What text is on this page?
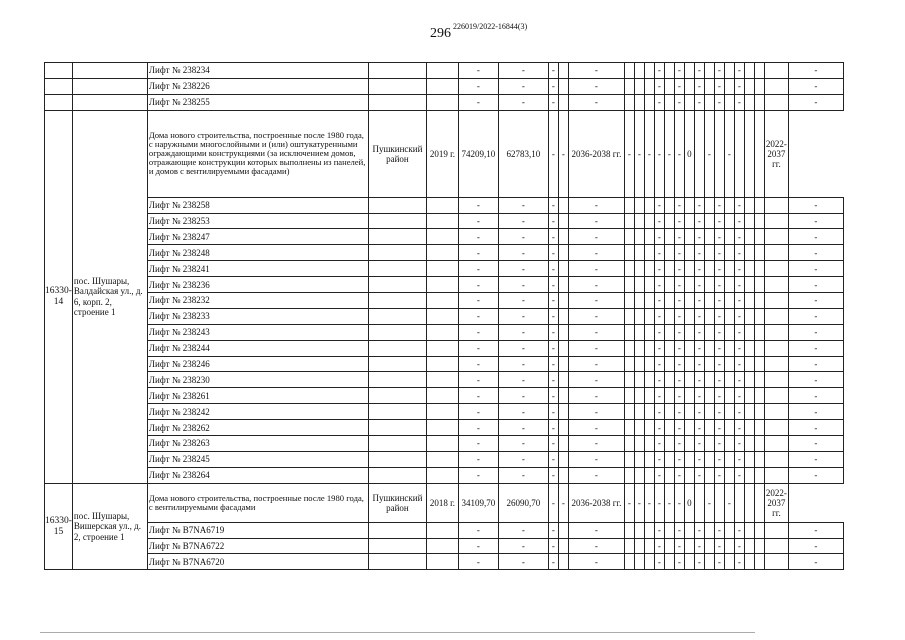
296 226019/2022-16844(3)
		Лифт № 238234			-	-	-		-				-		-		-		-		-				-
		Лифт № 238226			-	-	-		-				-		-		-		-		-				-
		Лифт № 238255			-	-	-		-				-		-		-		-		-				-
16330-14	пос. Шушары, Валдайская ул., д. 6, корп. 2, строение 1	Дома нового строительства, построенные после 1980 года, с наружными многослойными и (или) оштукатуренными ограждающими конструкциями (за исключением домов, отражающие конструкции которых выполнены из панелей, и домов с вентилируемыми фасадами)	Пушкинский район	2019 г.	74209,10	62783,10	-	-	2036-2038 гг.	-	-	-	-	-	-	0		-		-				2022-2037 гг.	
		Лифт № 238258			-	-	-		-				-		-		-		-		-				-
		Лифт № 238253			-	-	-		-				-		-		-		-		-				-
		Лифт № 238247			-	-	-		-				-		-		-		-		-				-
		Лифт № 238248			-	-	-		-				-		-		-		-		-				-
		Лифт № 238241			-	-	-		-				-		-		-		-		-				-
		Лифт № 238236			-	-	-		-				-		-		-		-		-				-
		Лифт № 238232			-	-	-		-				-		-		-		-		-				-
		Лифт № 238233			-	-	-		-				-		-		-		-		-				-
		Лифт № 238243			-	-	-		-				-		-		-		-		-				-
		Лифт № 238244			-	-	-		-				-		-		-		-		-				-
		Лифт № 238246			-	-	-		-				-		-		-		-		-				-
		Лифт № 238230			-	-	-		-				-		-		-		-		-				-
		Лифт № 238261			-	-	-		-				-		-		-		-		-				-
		Лифт № 238242			-	-	-		-				-		-		-		-		-				-
		Лифт № 238262			-	-	-		-				-		-		-		-		-				-
		Лифт № 238263			-	-	-		-				-		-		-		-		-				-
		Лифт № 238245			-	-	-		-				-		-		-		-		-				-
		Лифт № 238264			-	-	-		-				-		-		-		-		-				-
16330-15	пос. Шушары, Вишерская ул., д. 2, строение 1	Дома нового строительства, построенные после 1980 года, с вентилируемыми фасадами	Пушкинский район	2018 г.	34109,70	26090,70	-	-	2036-2038 гг.	-	-	-	-	-	-	0		-		-				2022-2037 гг.	
		Лифт № B7NA6719			-	-	-		-				-		-		-		-		-				-
		Лифт № B7NA6722			-	-	-		-				-		-		-		-		-				-
		Лифт № B7NA6720			-	-	-		-				-		-		-		-		-				-
